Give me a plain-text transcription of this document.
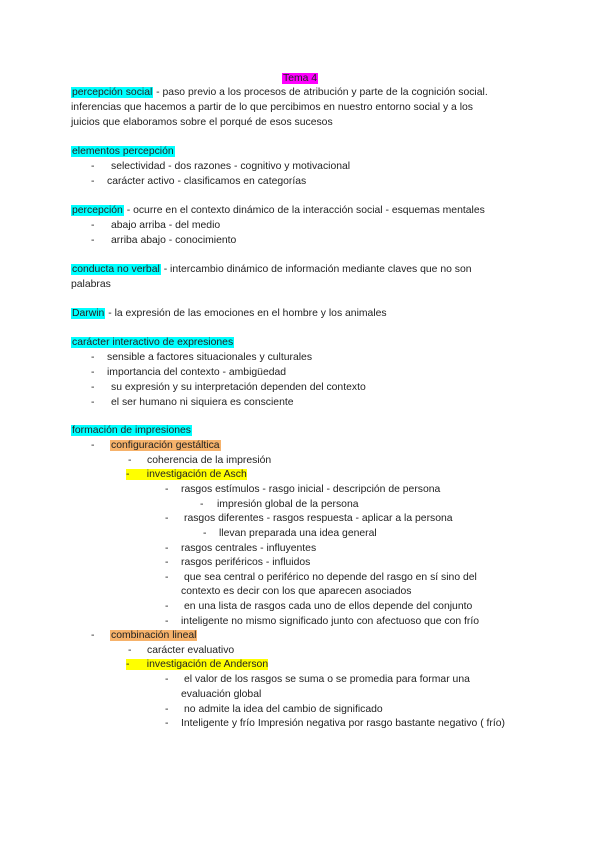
Tema 4
percepción social - paso previo a los procesos de atribución y parte de la cognición social.
inferencias que hacemos a partir de lo que percibimos en nuestro entorno social y a los
juicios que elaboramos sobre el porqué de esos sucesos
elementos percepción
- selectividad - dos razones - cognitivo y motivacional
- carácter activo - clasificamos en categorías
percepción - ocurre en el contexto dinámico de la interacción social - esquemas mentales
- abajo arriba - del medio
- arriba abajo - conocimiento
conducta no verbal - intercambio dinámico de información mediante claves que no son
palabras
Darwin - la expresión de las emociones en el hombre y los animales
carácter interactivo de expresiones
- sensible a factores situacionales y culturales
- importancia del contexto - ambigüedad
- su expresión y su interpretación dependen del contexto
- el ser humano ni siquiera es consciente
formación de impresiones
- configuración gestáltica
- coherencia de la impresión
- investigación de Asch
- rasgos estímulos - rasgo inicial - descripción de persona
- impresión global de la persona
- rasgos diferentes - rasgos respuesta - aplicar a la persona
- llevan preparada una idea general
- rasgos centrales - influyentes
- rasgos periféricos - influidos
- que sea central o periférico no depende del rasgo en sí sino del
contexto es decir con los que aparecen asociados
- en una lista de rasgos cada uno de ellos depende del conjunto
- inteligente no mismo significado junto con afectuoso que con frío
- combinación lineal
- carácter evaluativo
- investigación de Anderson
- el valor de los rasgos se suma o se promedia para formar una
evaluación global
- no admite la idea del cambio de significado
- Inteligente y frío Impresión negativa por rasgo bastante negativo ( frío)
